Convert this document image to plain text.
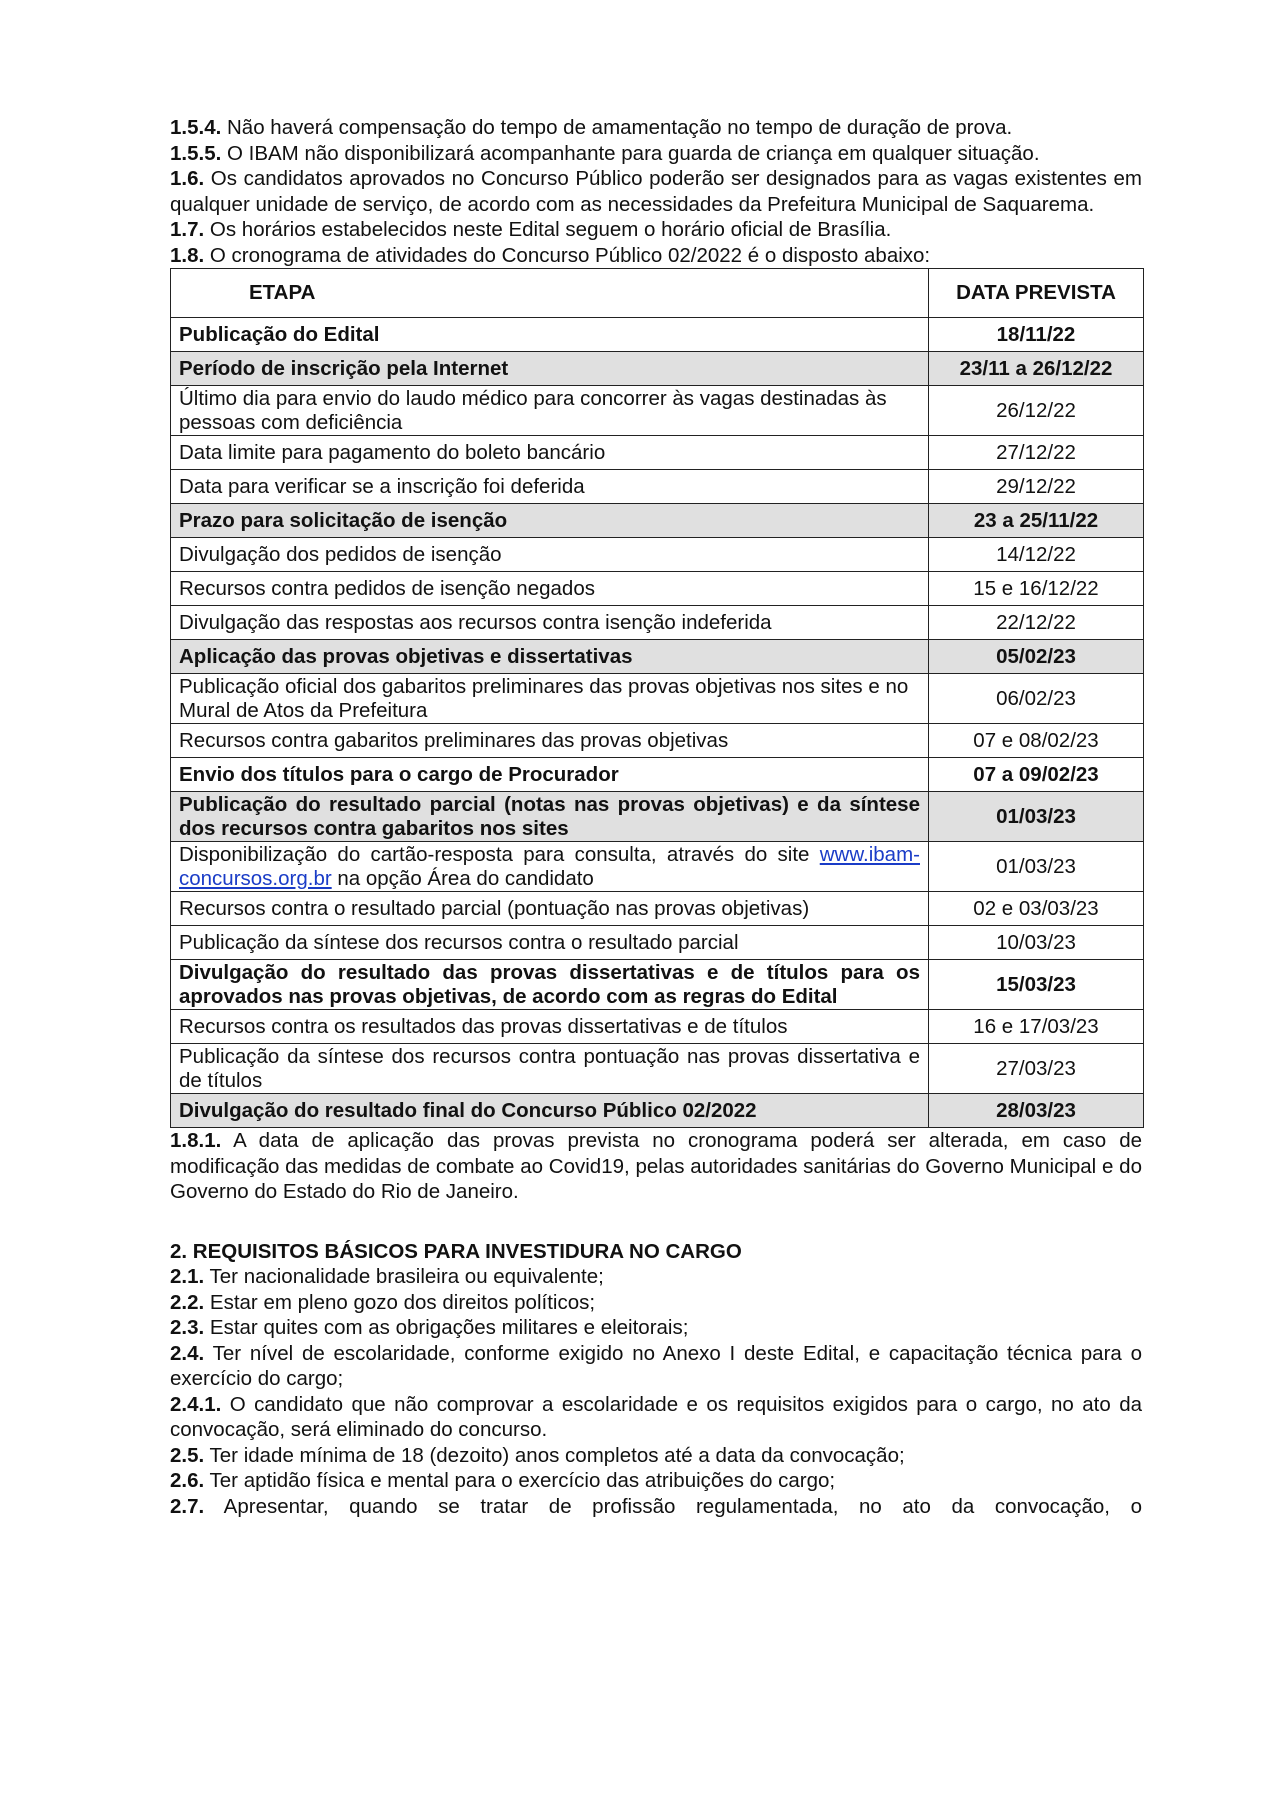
1.5.4. Não haverá compensação do tempo de amamentação no tempo de duração de prova.

1.5.5. O IBAM não disponibilizará acompanhante para guarda de criança em qualquer situação.

1.6. Os candidatos aprovados no Concurso Público poderão ser designados para as vagas existentes em qualquer unidade de serviço, de acordo com as necessidades da Prefeitura Municipal de Saquarema.

1.7. Os horários estabelecidos neste Edital seguem o horário oficial de Brasília.

1.8. O cronograma de atividades do Concurso Público 02/2022 é o disposto abaixo:

ETAPA	DATA PREVISTA
Publicação do Edital	18/11/22
Período de inscrição pela Internet	23/11 a 26/12/22
Último dia para envio do laudo médico para concorrer às vagas destinadas às pessoas com deficiência	26/12/22
Data limite para pagamento do boleto bancário	27/12/22
Data para verificar se a inscrição foi deferida	29/12/22
Prazo para solicitação de isenção	23 a 25/11/22
Divulgação dos pedidos de isenção	14/12/22
Recursos contra pedidos de isenção negados	15 e 16/12/22
Divulgação das respostas aos recursos contra isenção indeferida	22/12/22
Aplicação das provas objetivas e dissertativas	05/02/23
Publicação oficial dos gabaritos preliminares das provas objetivas nos sites e no Mural de Atos da Prefeitura	06/02/23
Recursos contra gabaritos preliminares das provas objetivas	07 e 08/02/23
Envio dos títulos para o cargo de Procurador	07 a 09/02/23
Publicação do resultado parcial (notas nas provas objetivas) e da síntese dos recursos contra gabaritos nos sites	01/03/23
Disponibilização do cartão-resposta para consulta, através do site www.ibam-concursos.org.br na opção Área do candidato	01/03/23
Recursos contra o resultado parcial (pontuação nas provas objetivas)	02 e 03/03/23
Publicação da síntese dos recursos contra o resultado parcial	10/03/23
Divulgação do resultado das provas dissertativas e de títulos para os aprovados nas provas objetivas, de acordo com as regras do Edital	15/03/23
Recursos contra os resultados das provas dissertativas e de títulos	16 e 17/03/23
Publicação da síntese dos recursos contra pontuação nas provas dissertativa e de títulos	27/03/23
Divulgação do resultado final do Concurso Público 02/2022	28/03/23

1.8.1. A data de aplicação das provas prevista no cronograma poderá ser alterada, em caso de modificação das medidas de combate ao Covid19, pelas autoridades sanitárias do Governo Municipal e do Governo do Estado do Rio de Janeiro.

2. REQUISITOS BÁSICOS PARA INVESTIDURA NO CARGO

2.1. Ter nacionalidade brasileira ou equivalente;

2.2. Estar em pleno gozo dos direitos políticos;

2.3. Estar quites com as obrigações militares e eleitorais;

2.4. Ter nível de escolaridade, conforme exigido no Anexo I deste Edital, e capacitação técnica para o exercício do cargo;

2.4.1. O candidato que não comprovar a escolaridade e os requisitos exigidos para o cargo, no ato da convocação, será eliminado do concurso.

2.5. Ter idade mínima de 18 (dezoito) anos completos até a data da convocação;

2.6. Ter aptidão física e mental para o exercício das atribuições do cargo;

2.7. Apresentar, quando se tratar de profissão regulamentada, no ato da convocação, o
